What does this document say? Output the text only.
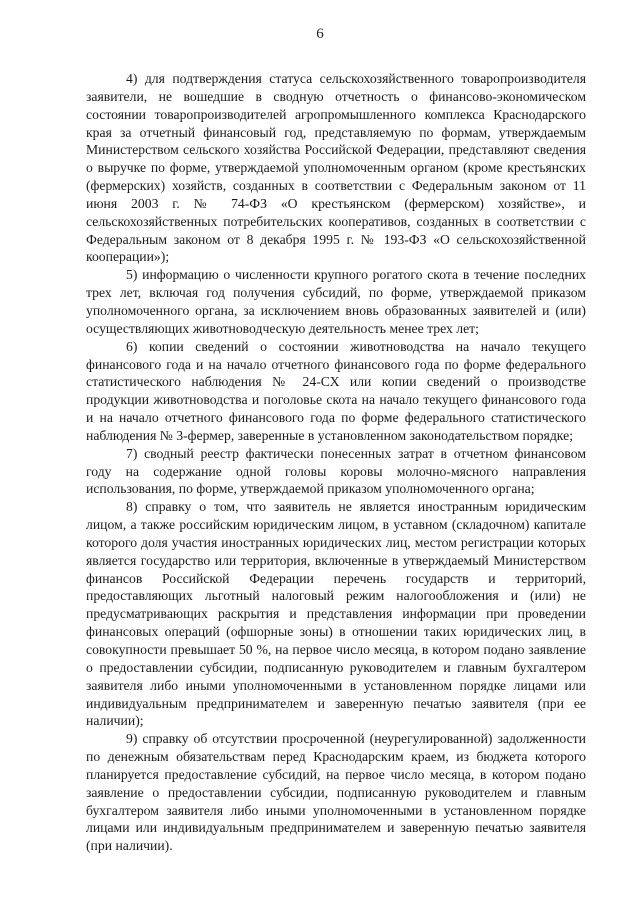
6

4) для подтверждения статуса сельскохозяйственного товаропроизводителя заявители, не вошедшие в сводную отчетность о финансово-экономическом состоянии товаропроизводителей агропромышленного комплекса Краснодарского края за отчетный финансовый год, представляемую по формам, утверждаемым Министерством сельского хозяйства Российской Федерации, представляют сведения о выручке по форме, утверждаемой уполномоченным органом (кроме крестьянских (фермерских) хозяйств, созданных в соответствии с Федеральным законом от 11 июня 2003 г. № 74-ФЗ «О крестьянском (фермерском) хозяйстве», и сельскохозяйственных потребительских кооперативов, созданных в соответствии с Федеральным законом от 8 декабря 1995 г. № 193-ФЗ «О сельскохозяйственной кооперации»);

5) информацию о численности крупного рогатого скота в течение последних трех лет, включая год получения субсидий, по форме, утверждаемой приказом уполномоченного органа, за исключением вновь образованных заявителей и (или) осуществляющих животноводческую деятельность менее трех лет;

6) копии сведений о состоянии животноводства на начало текущего финансового года и на начало отчетного финансового года по форме федерального статистического наблюдения № 24-СХ или копии сведений о производстве продукции животноводства и поголовье скота на начало текущего финансового года и на начало отчетного финансового года по форме федерального статистического наблюдения № 3-фермер, заверенные в установленном законодательством порядке;

7) сводный реестр фактически понесенных затрат в отчетном финансовом году на содержание одной головы коровы молочно-мясного направления использования, по форме, утверждаемой приказом уполномоченного органа;

8) справку о том, что заявитель не является иностранным юридическим лицом, а также российским юридическим лицом, в уставном (складочном) капитале которого доля участия иностранных юридических лиц, местом регистрации которых является государство или территория, включенные в утверждаемый Министерством финансов Российской Федерации перечень государств и территорий, предоставляющих льготный налоговый режим налогообложения и (или) не предусматривающих раскрытия и представления информации при проведении финансовых операций (офшорные зоны) в отношении таких юридических лиц, в совокупности превышает 50 %, на первое число месяца, в котором подано заявление о предоставлении субсидии, подписанную руководителем и главным бухгалтером заявителя либо иными уполномоченными в установленном порядке лицами или индивидуальным предпринимателем и заверенную печатью заявителя (при ее наличии);

9) справку об отсутствии просроченной (неурегулированной) задолженности по денежным обязательствам перед Краснодарским краем, из бюджета которого планируется предоставление субсидий, на первое число месяца, в котором подано заявление о предоставлении субсидии, подписанную руководителем и главным бухгалтером заявителя либо иными уполномоченными в установленном порядке лицами или индивидуальным предпринимателем и заверенную печатью заявителя (при наличии).
